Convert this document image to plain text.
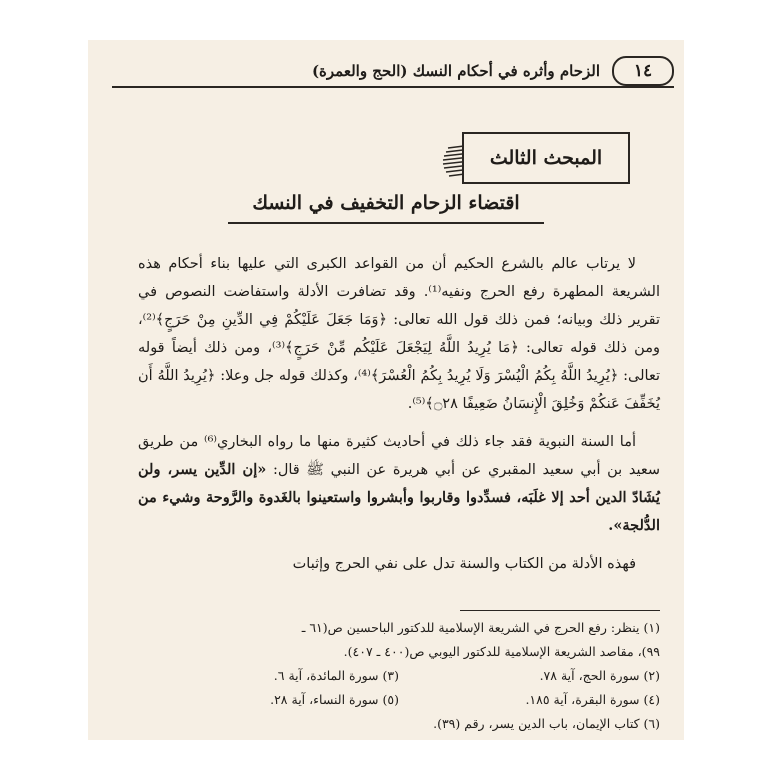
١٤
الزحام وأثره في أحكام النسك (الحج والعمرة)
المبحث الثالث
اقتضاء الزحام التخفيف في النسك

لا يرتاب عالم بالشرع الحكيم أن من القواعد الكبرى التي عليها بناء أحكام هذه الشريعة المطهرة رفع الحرج ونفيه⁽¹⁾. وقد تضافرت الأدلة واستفاضت النصوص في تقرير ذلك وبيانه؛ فمن ذلك قول الله تعالى: ﴿وَمَا جَعَلَ عَلَيْكُمْ فِي الدِّينِ مِنْ حَرَجٍ﴾⁽²⁾، ومن ذلك قوله تعالى: ﴿مَا يُرِيدُ اللَّهُ لِيَجْعَلَ عَلَيْكُم مِّنْ حَرَجٍ﴾⁽³⁾، ومن ذلك أيضاً قوله تعالى: ﴿يُرِيدُ اللَّهُ بِكُمُ الْيُسْرَ وَلَا يُرِيدُ بِكُمُ الْعُسْرَ﴾⁽⁴⁾، وكذلك قوله جل وعلا: ﴿يُرِيدُ اللَّهُ أَن يُخَفِّفَ عَنكُمْ وَخُلِقَ الْإِنسَانُ ضَعِيفًا ۝٢٨﴾⁽⁵⁾.

أما السنة النبوية فقد جاء ذلك في أحاديث كثيرة منها ما رواه البخاري⁽⁶⁾ من طريق سعيد بن أبي سعيد المقبري عن أبي هريرة عن النبي ﷺ قال: «إن الدِّين يسر، ولن يُشَادّ الدين أحد إلا غلَبَه، فسدِّدوا وقاربوا وأبشروا واستعينوا بالغَدوة والرَّوحة وشيء من الدُّلجة».

فهذه الأدلة من الكتاب والسنة تدل على نفي الحرج وإثبات

(١) ينظر: رفع الحرج في الشريعة الإسلامية للدكتور الباحسين ص(٦١ ـ
٩٩)، مقاصد الشريعة الإسلامية للدكتور اليوبي ص(٤٠٠ ـ ٤٠٧).
(٢) سورة الحج، آية ٧٨.
(٣) سورة المائدة، آية ٦.
(٤) سورة البقرة، آية ١٨٥.
(٥) سورة النساء، آية ٢٨.
(٦) كتاب الإيمان، باب الدين يسر، رقم (٣٩).
